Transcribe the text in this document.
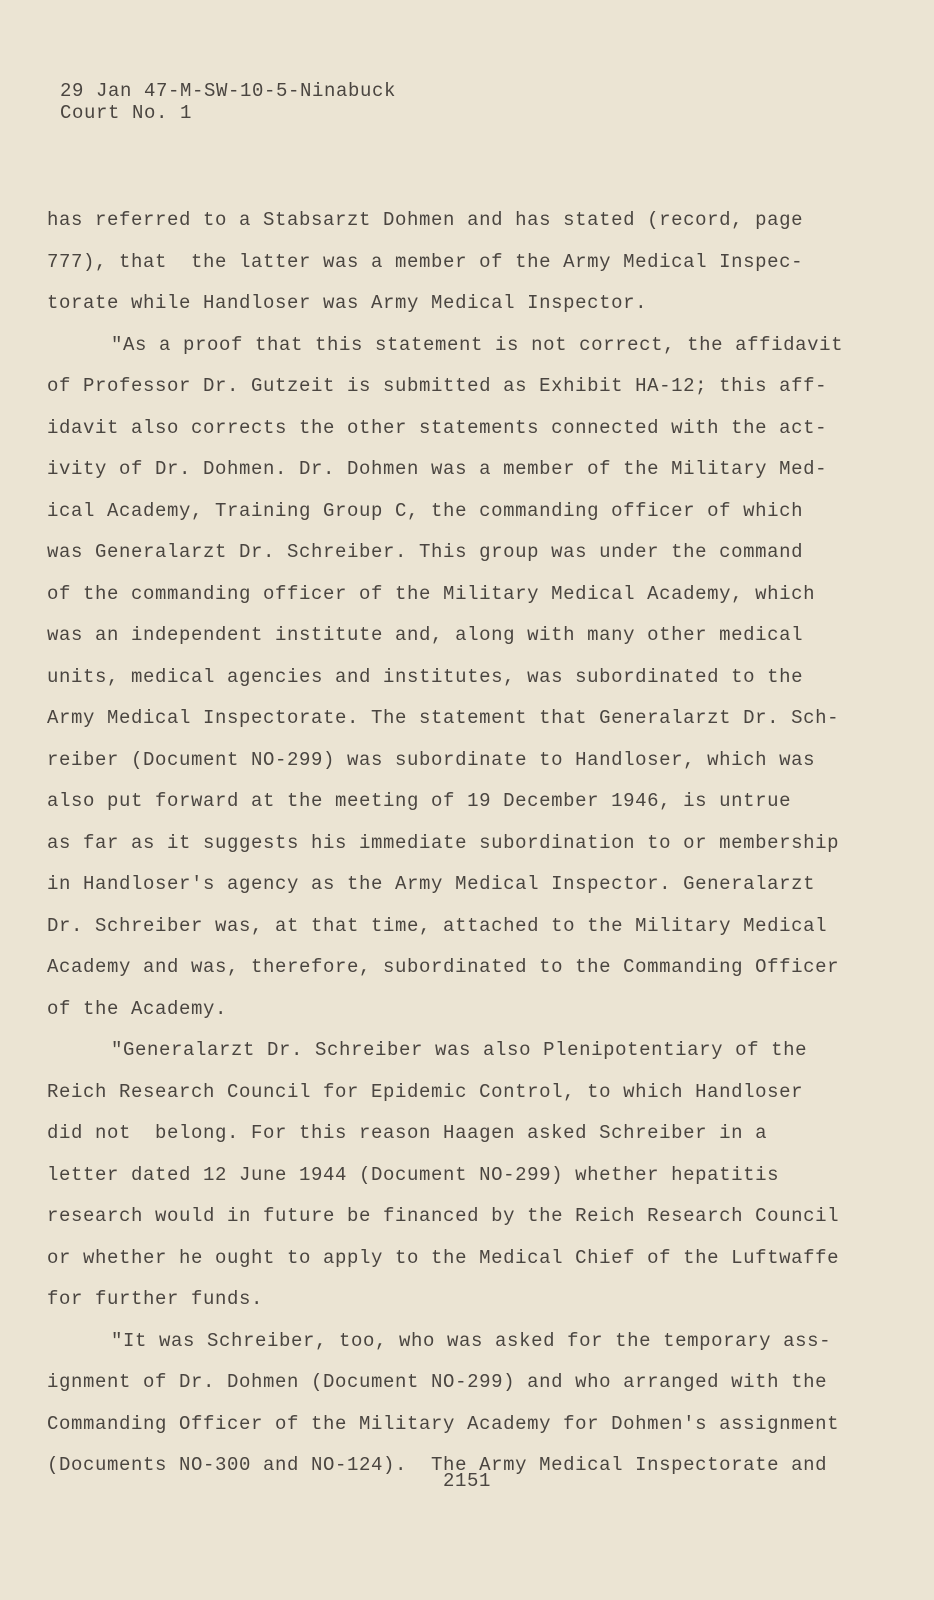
29 Jan 47-M-SW-10-5-Ninabuck
Court No. 1
has referred to a Stabsarzt Dohmen and has stated (record, page
777), that  the latter was a member of the Army Medical Inspec-
torate while Handloser was Army Medical Inspector.
"As a proof that this statement is not correct, the affidavit
of Professor Dr. Gutzeit is submitted as Exhibit HA-12; this aff-
idavit also corrects the other statements connected with the act-
ivity of Dr. Dohmen. Dr. Dohmen was a member of the Military Med-
ical Academy, Training Group C, the commanding officer of which
was Generalarzt Dr. Schreiber. This group was under the command
of the commanding officer of the Military Medical Academy, which
was an independent institute and, along with many other medical
units, medical agencies and institutes, was subordinated to the
Army Medical Inspectorate. The statement that Generalarzt Dr. Sch-
reiber (Document NO-299) was subordinate to Handloser, which was
also put forward at the meeting of 19 December 1946, is untrue
as far as it suggests his immediate subordination to or membership
in Handloser's agency as the Army Medical Inspector. Generalarzt
Dr. Schreiber was, at that time, attached to the Military Medical
Academy and was, therefore, subordinated to the Commanding Officer
of the Academy.
"Generalarzt Dr. Schreiber was also Plenipotentiary of the
Reich Research Council for Epidemic Control, to which Handloser
did not  belong. For this reason Haagen asked Schreiber in a
letter dated 12 June 1944 (Document NO-299) whether hepatitis
research would in future be financed by the Reich Research Council
or whether he ought to apply to the Medical Chief of the Luftwaffe
for further funds.
"It was Schreiber, too, who was asked for the temporary ass-
ignment of Dr. Dohmen (Document NO-299) and who arranged with the
Commanding Officer of the Military Academy for Dohmen's assignment
(Documents NO-300 and NO-124).  The Army Medical Inspectorate and
2151
